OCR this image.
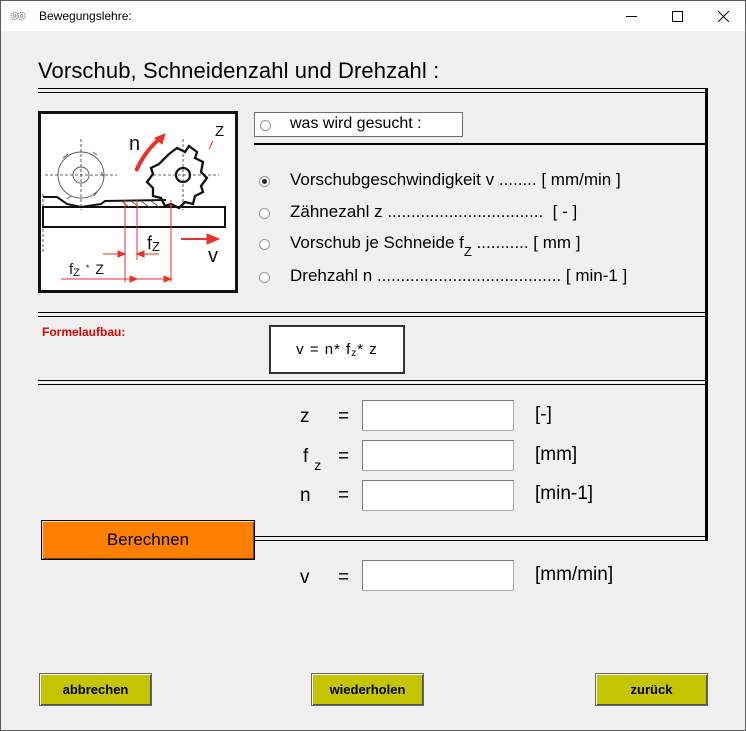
Bewegungslehre:
Vorschub, Schneidenzahl und Drehzahl :
n
Z
fZ v
fZ * Z
was wird gesucht :
Vorschubgeschwindigkeit v ........ [ mm/min ]
Zähnezahl z ................................. [ - ]
Vorschub je Schneide $f_Z$ ........... [ mm ]
Drehzahl n ....................................... [ min-1 ]
Formelaufbau:
v = n * f z * z
z =	[-]
f $_z$ =	[mm]
n =	[min-1]
Berechnen
v =	[mm/min]
abbrechen	wiederholen	zurück
